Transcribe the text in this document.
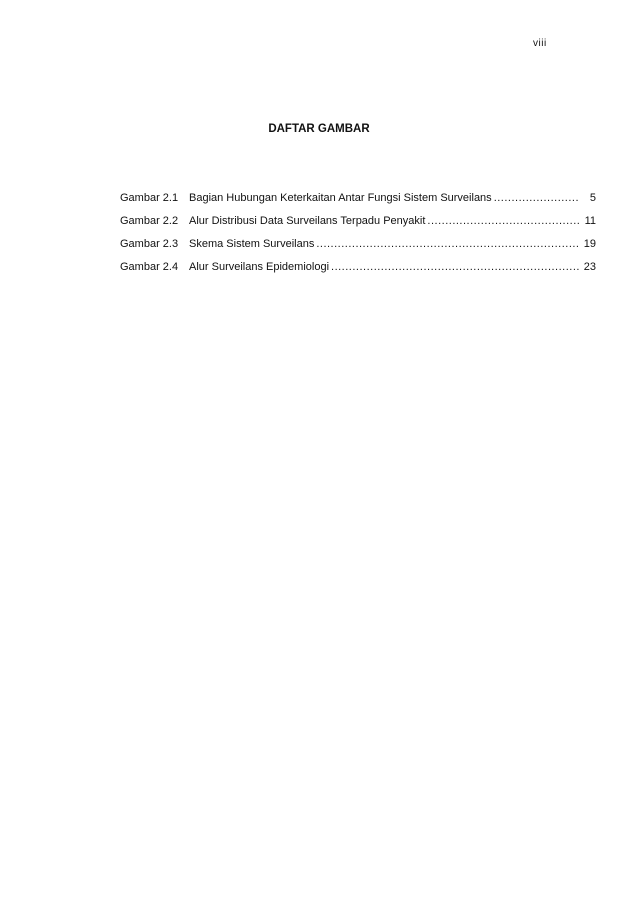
viii
DAFTAR GAMBAR
Gambar 2.1 Bagian Hubungan Keterkaitan Antar Fungsi Sistem Surveilans .....	5
Gambar 2.2 Alur Distribusi Data Surveilans Terpadu Penyakit .....	11
Gambar 2.3 Skema Sistem Surveilans .....	19
Gambar 2.4 Alur Surveilans Epidemiologi .....	23
